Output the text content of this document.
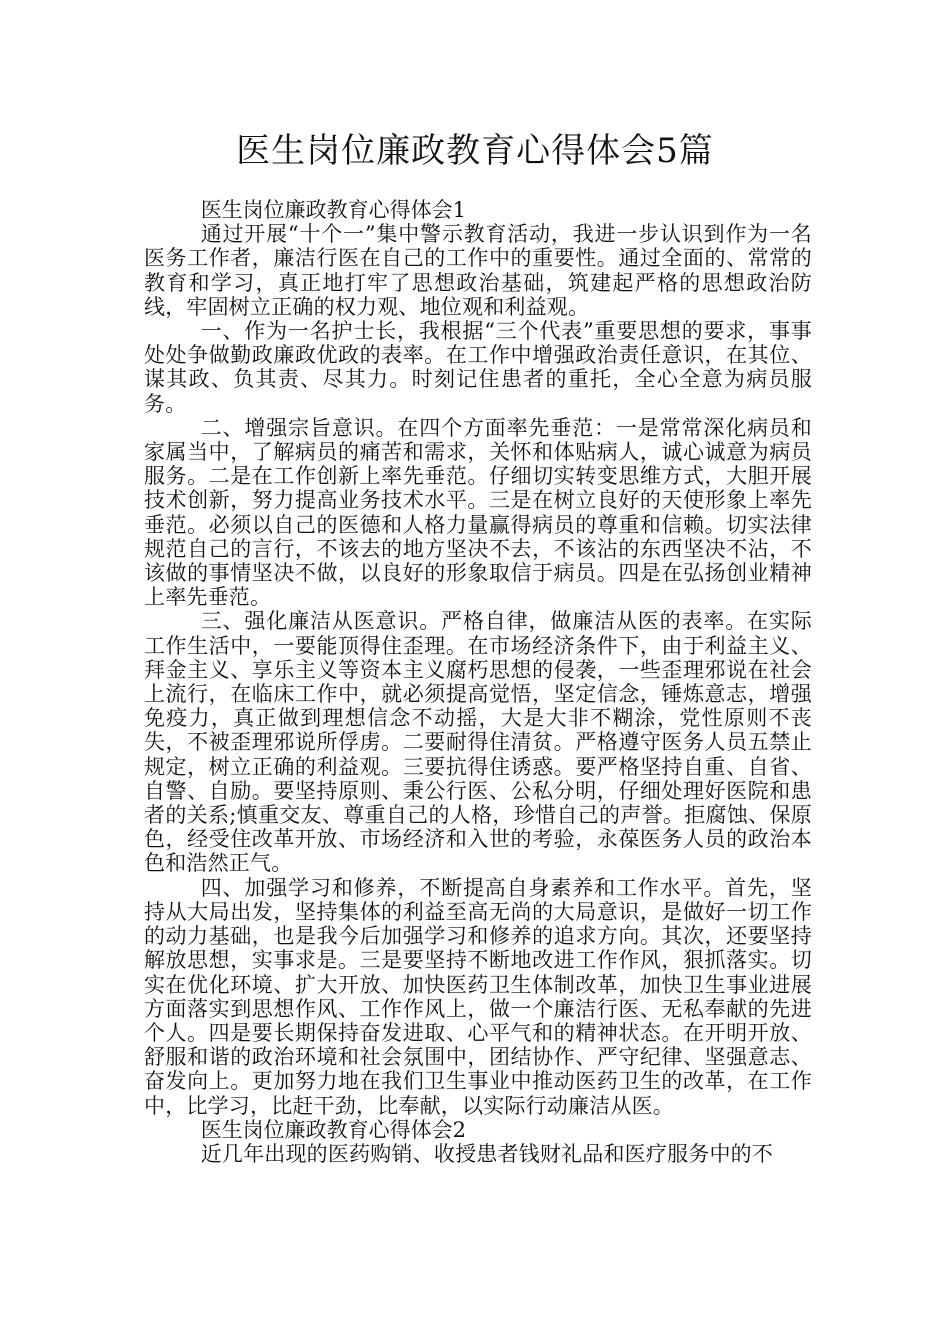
医生岗位廉政教育心得体会5篇

医生岗位廉政教育心得体会1

通过开展“十个一”集中警示教育活动，我进一步认识到作为一名医务工作者，廉洁行医在自己的工作中的重要性。通过全面的、常常的教育和学习，真正地打牢了思想政治基础，筑建起严格的思想政治防线，牢固树立正确的权力观、地位观和利益观。

一、作为一名护士长，我根据“三个代表”重要思想的要求，事事处处争做勤政廉政优政的表率。在工作中增强政治责任意识，在其位、谋其政、负其责、尽其力。时刻记住患者的重托，全心全意为病员服务。

二、增强宗旨意识。在四个方面率先垂范：一是常常深化病员和家属当中，了解病员的痛苦和需求，关怀和体贴病人，诚心诚意为病员服务。二是在工作创新上率先垂范。仔细切实转变思维方式，大胆开展技术创新，努力提高业务技术水平。三是在树立良好的天使形象上率先垂范。必须以自己的医德和人格力量赢得病员的尊重和信赖。切实法律规范自己的言行，不该去的地方坚决不去，不该沾的东西坚决不沾，不该做的事情坚决不做，以良好的形象取信于病员。四是在弘扬创业精神上率先垂范。

三、强化廉洁从医意识。严格自律，做廉洁从医的表率。在实际工作生活中，一要能顶得住歪理。在市场经济条件下，由于利益主义、拜金主义、享乐主义等资本主义腐朽思想的侵袭，一些歪理邪说在社会上流行，在临床工作中，就必须提高觉悟，坚定信念，锤炼意志，增强免疫力，真正做到理想信念不动摇，大是大非不糊涂，党性原则不丧失，不被歪理邪说所俘虏。二要耐得住清贫。严格遵守医务人员五禁止规定，树立正确的利益观。三要抗得住诱惑。要严格坚持自重、自省、自警、自励。要坚持原则、秉公行医、公私分明，仔细处理好医院和患者的关系;慎重交友、尊重自己的人格，珍惜自己的声誉。拒腐蚀、保原色，经受住改革开放、市场经济和入世的考验，永葆医务人员的政治本色和浩然正气。

四、加强学习和修养，不断提高自身素养和工作水平。首先，坚持从大局出发，坚持集体的利益至高无尚的大局意识，是做好一切工作的动力基础，也是我今后加强学习和修养的追求方向。其次，还要坚持解放思想，实事求是。三是要坚持不断地改进工作作风，狠抓落实。切实在优化环境、扩大开放、加快医药卫生体制改革，加快卫生事业进展方面落实到思想作风、工作作风上，做一个廉洁行医、无私奉献的先进个人。四是要长期保持奋发进取、心平气和的精神状态。在开明开放、舒服和谐的政治环境和社会氛围中，团结协作、严守纪律、坚强意志、奋发向上。更加努力地在我们卫生事业中推动医药卫生的改革，在工作中，比学习，比赶干劲，比奉献，以实际行动廉洁从医。

医生岗位廉政教育心得体会2

近几年出现的医药购销、收授患者钱财礼品和医疗服务中的不
